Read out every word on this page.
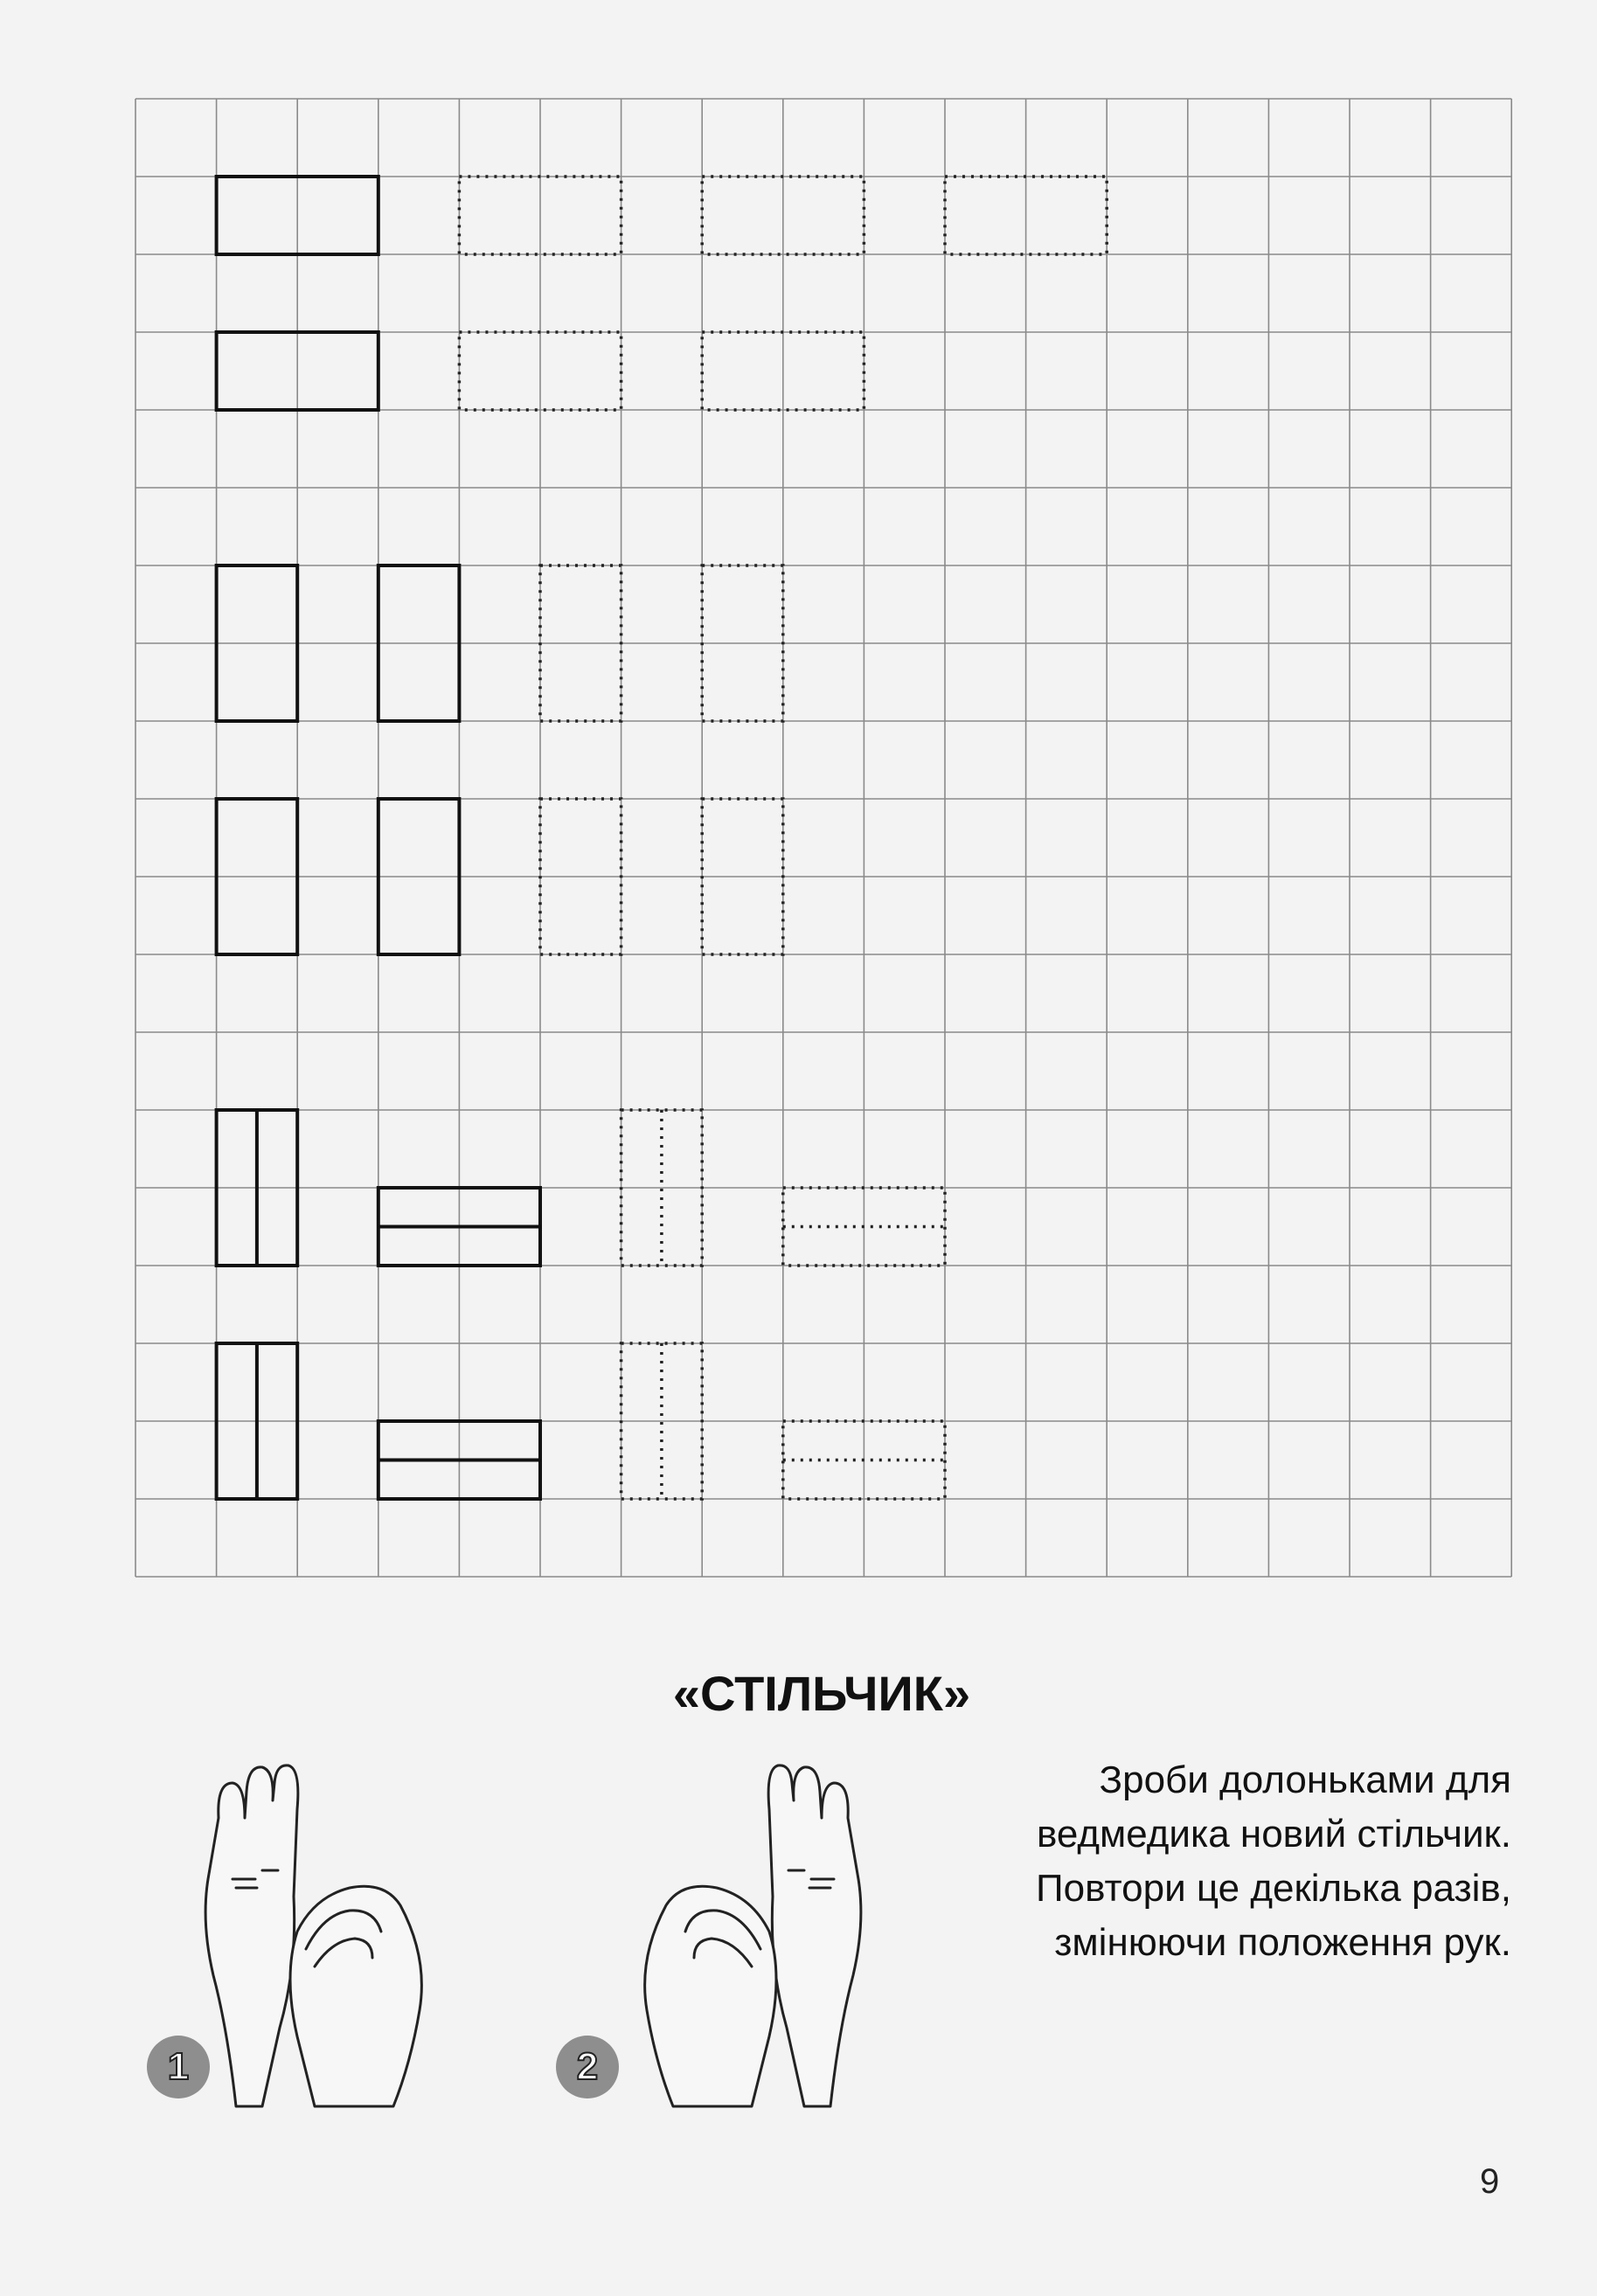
«СТІЛЬЧИК»
Зроби долоньками для
ведмедика новий стільчик.
Повтори це декілька разів,
змінюючи положення рук.
1	2
9
